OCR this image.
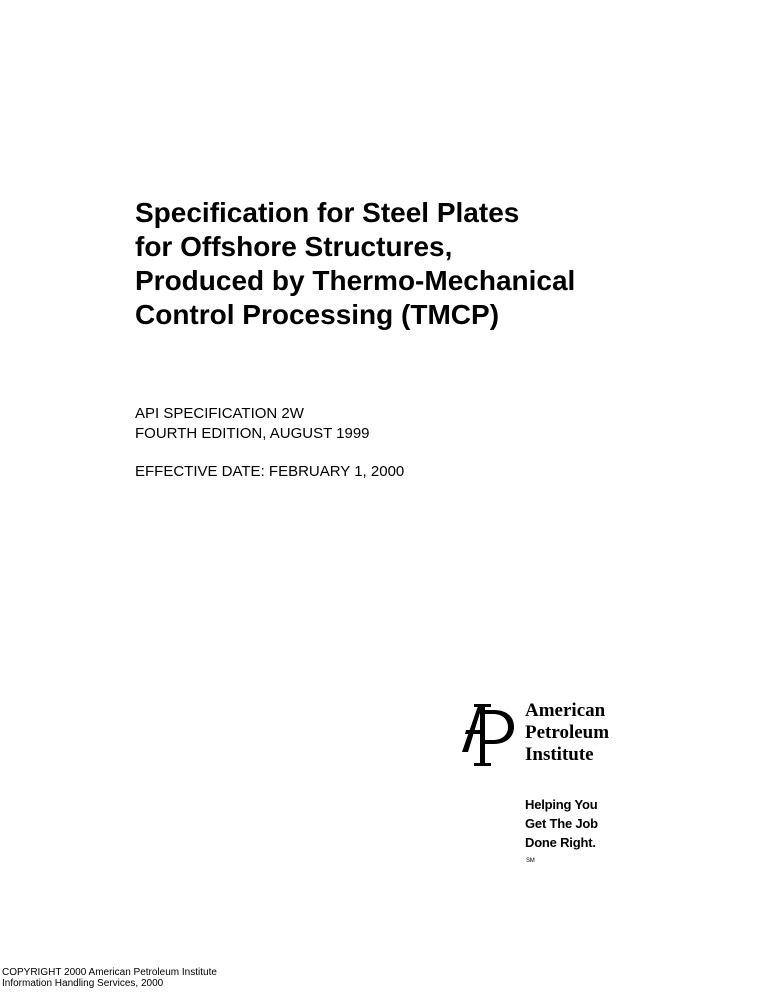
Specification for Steel Plates
for Offshore Structures,
Produced by Thermo-Mechanical
Control Processing (TMCP)
API SPECIFICATION 2W
FOURTH EDITION, AUGUST 1999
EFFECTIVE DATE: FEBRUARY 1, 2000
American
Petroleum
Institute
Helping You
Get The Job
Done Right.
℠
COPYRIGHT 2000 American Petroleum Institute
Information Handling Services, 2000
